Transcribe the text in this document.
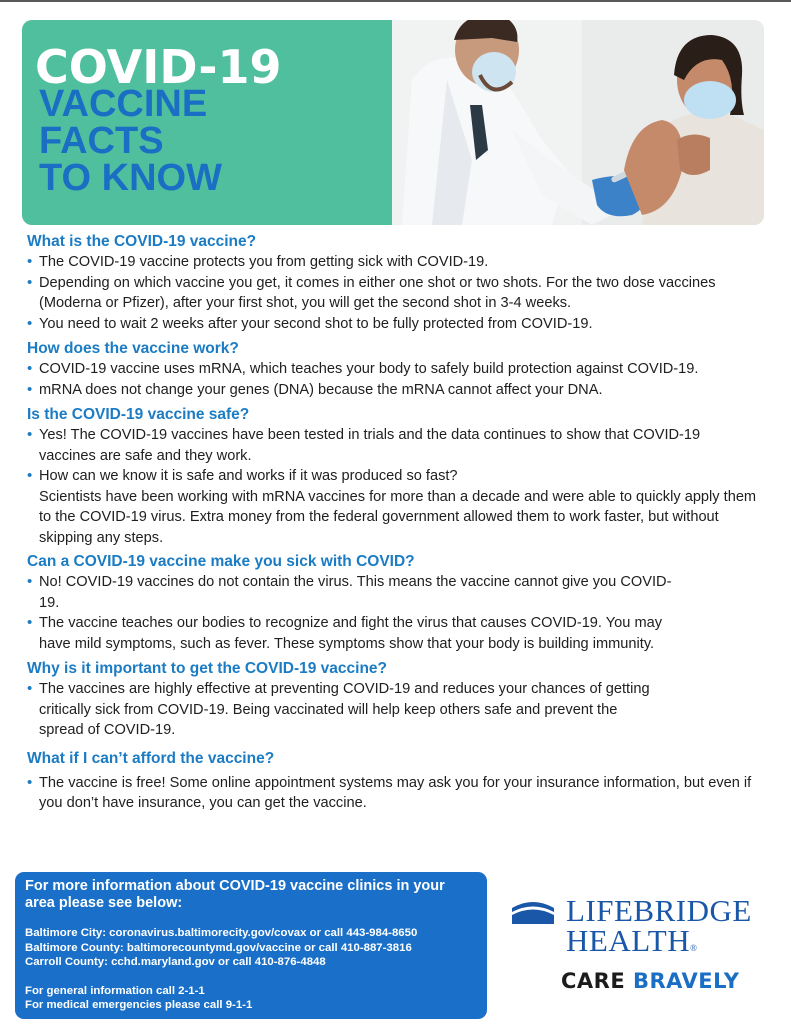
COVID-19
VACCINE
FACTS
TO KNOW
What is the COVID-19 vaccine?
• The COVID-19 vaccine protects you from getting sick with COVID-19.
• Depending on which vaccine you get, it comes in either one shot or two shots. For the two dose vaccines (Moderna or Pfizer), after your first shot, you will get the second shot in 3-4 weeks.
• You need to wait 2 weeks after your second shot to be fully protected from COVID-19.
How does the vaccine work?
• COVID-19 vaccine uses mRNA, which teaches your body to safely build protection against COVID-19.
• mRNA does not change your genes (DNA) because the mRNA cannot affect your DNA.
Is the COVID-19 vaccine safe?
• Yes! The COVID-19 vaccines have been tested in trials and the data continues to show that COVID-19 vaccines are safe and they work.
• How can we know it is safe and works if it was produced so fast?
Scientists have been working with mRNA vaccines for more than a decade and were able to quickly apply them to the COVID-19 virus. Extra money from the federal government allowed them to work faster, but without skipping any steps.
Can a COVID-19 vaccine make you sick with COVID?
• No! COVID-19 vaccines do not contain the virus. This means the vaccine cannot give you COVID-19.
• The vaccine teaches our bodies to recognize and fight the virus that causes COVID-19. You may have mild symptoms, such as fever. These symptoms show that your body is building immunity.
Why is it important to get the COVID-19 vaccine?
• The vaccines are highly effective at preventing COVID-19 and reduces your chances of getting critically sick from COVID-19. Being vaccinated will help keep others safe and prevent the spread of COVID-19.
What if I can’t afford the vaccine?
• The vaccine is free! Some online appointment systems may ask you for your insurance information, but even if you don’t have insurance, you can get the vaccine.
For more information about COVID-19 vaccine clinics in your area please see below:
Baltimore City: coronavirus.baltimorecity.gov/covax or call 443-984-8650
Baltimore County: baltimorecountymd.gov/vaccine or call 410-887-3816
Carroll County: cchd.maryland.gov or call 410-876-4848
For general information call 2-1-1
For medical emergencies please call 9-1-1
LIFEBRIDGE
HEALTH®
CARE BRAVELY
